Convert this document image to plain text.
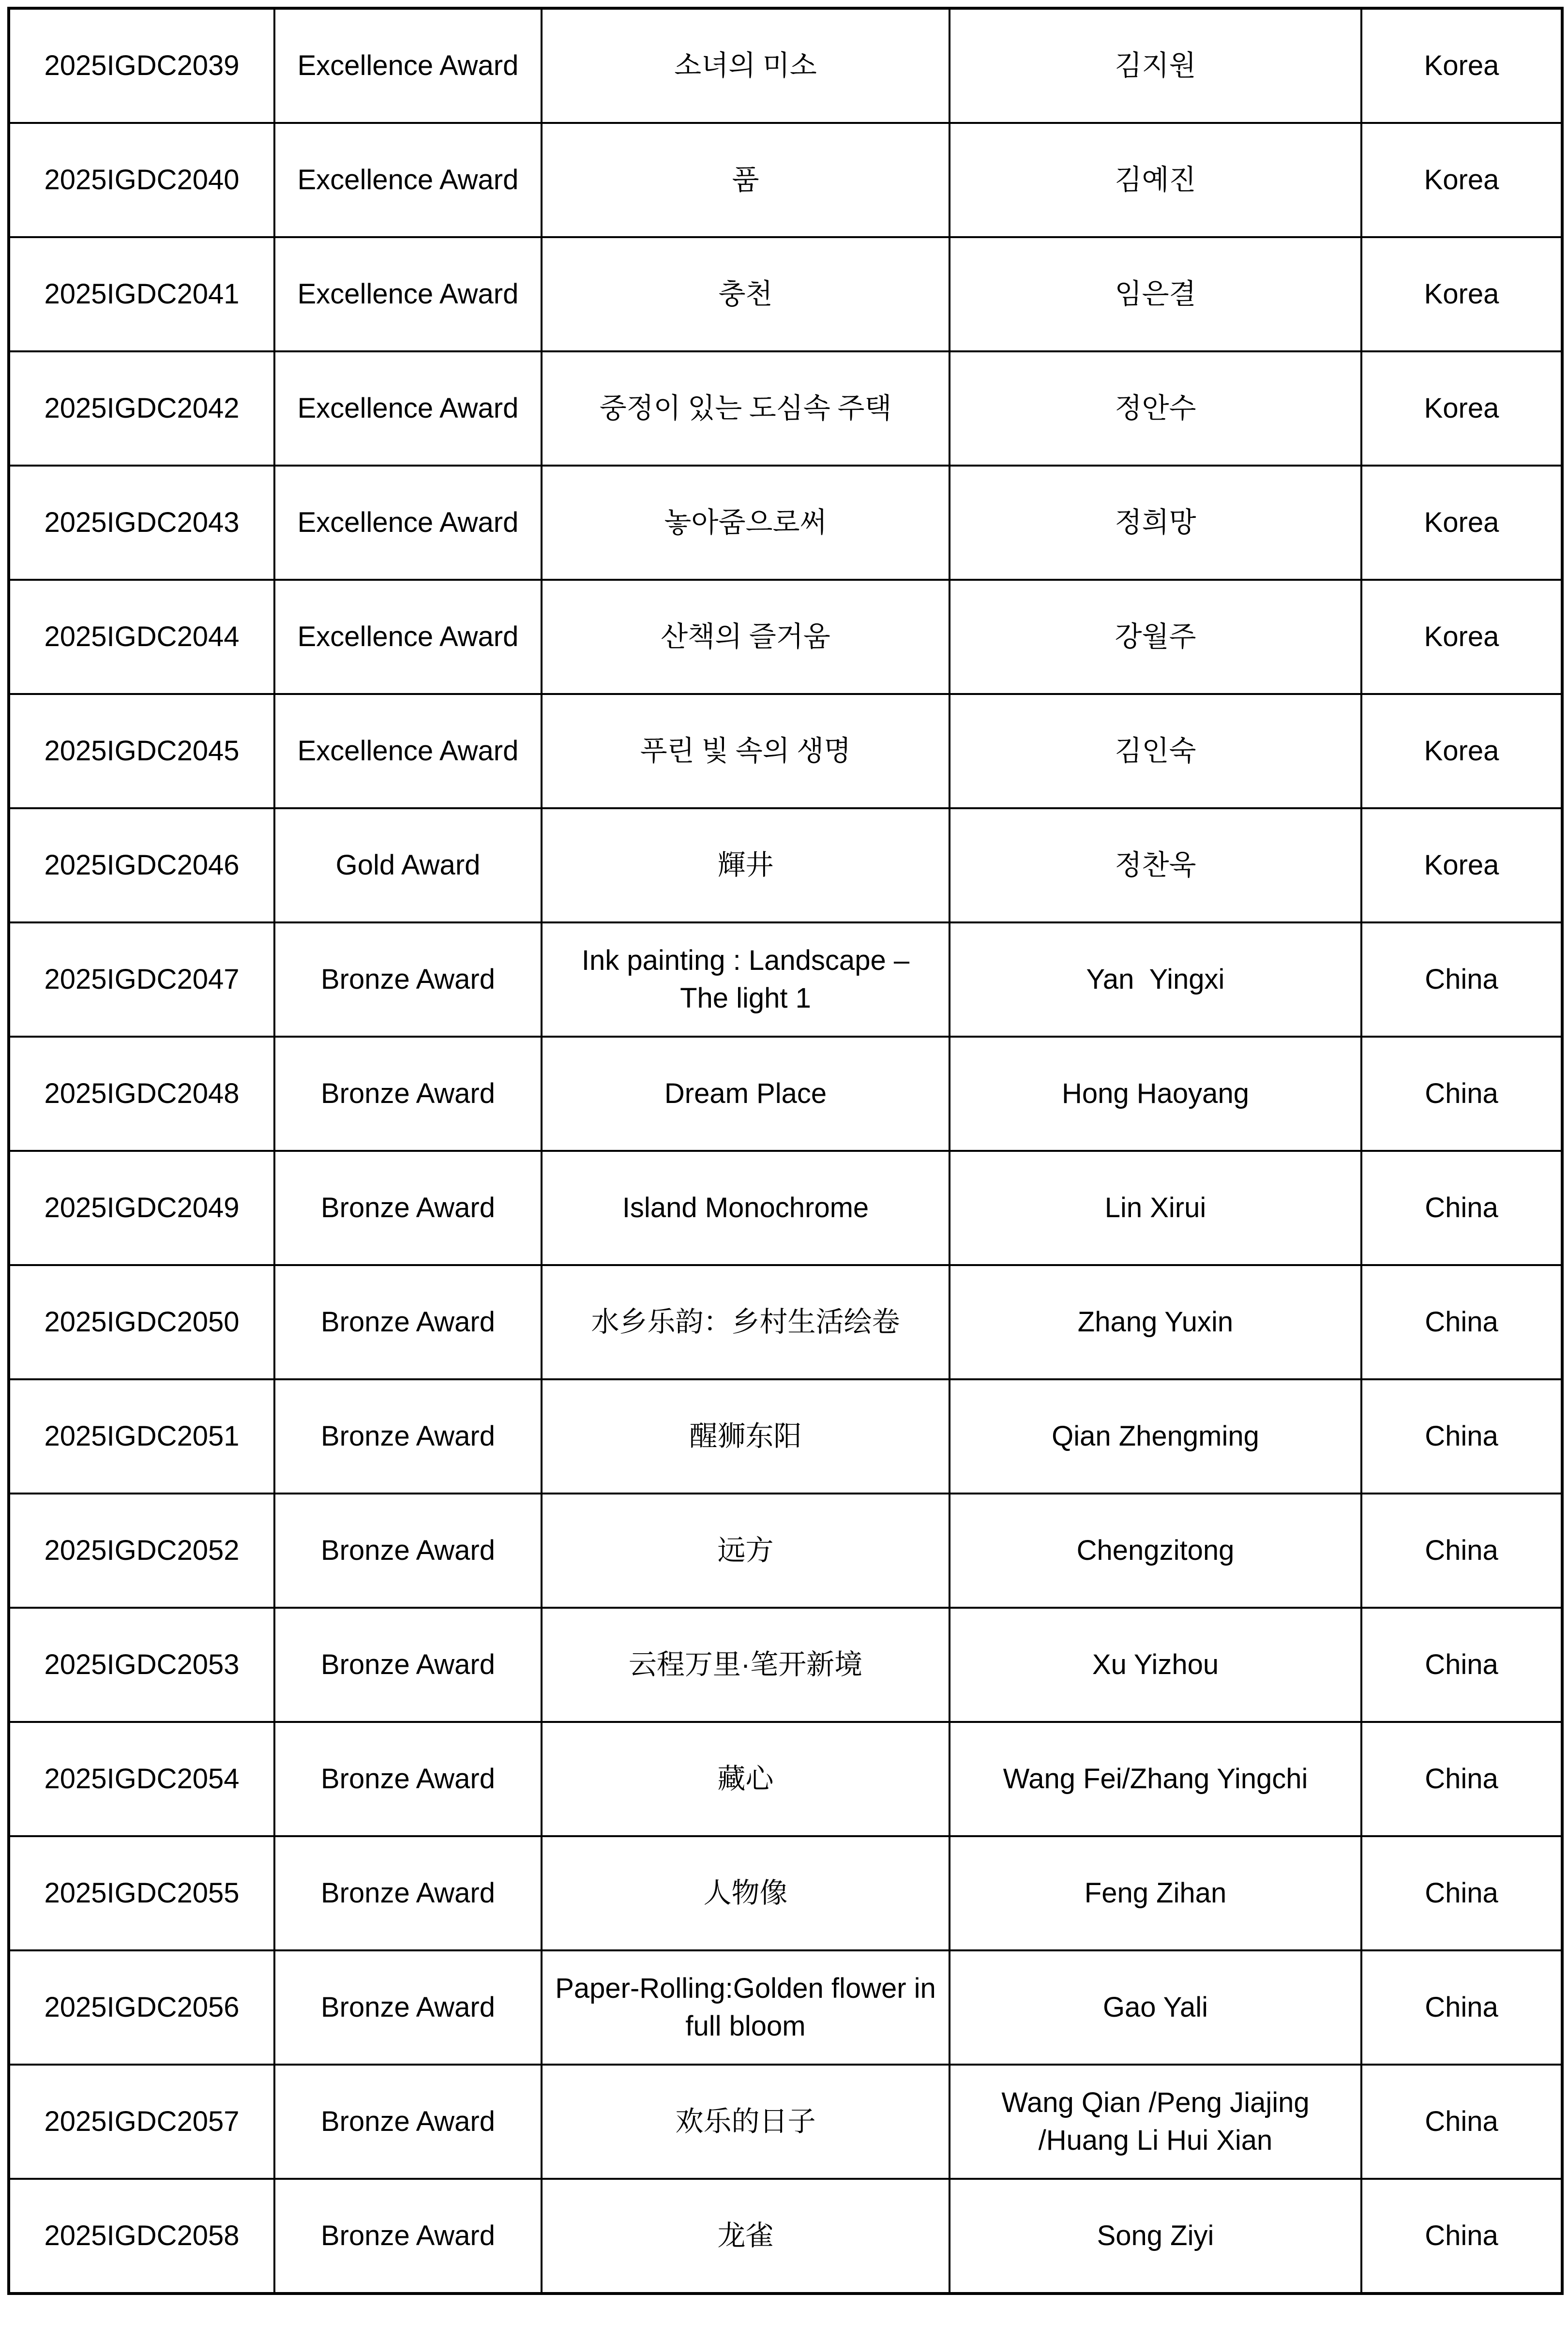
2025IGDC2039	Excellence Award	소녀의 미소	김지원	Korea
2025IGDC2040	Excellence Award	품	김예진	Korea
2025IGDC2041	Excellence Award	충천	임은결	Korea
2025IGDC2042	Excellence Award	중정이 있는 도심속 주택	정안수	Korea
2025IGDC2043	Excellence Award	놓아줌으로써	정희망	Korea
2025IGDC2044	Excellence Award	산책의 즐거움	강월주	Korea
2025IGDC2045	Excellence Award	푸린 빛 속의 생명	김인숙	Korea
2025IGDC2046	Gold Award	輝井	정찬욱	Korea
2025IGDC2047	Bronze Award	Ink painting : Landscape –
The light 1	Yan  Yingxi	China
2025IGDC2048	Bronze Award	Dream Place	Hong Haoyang	China
2025IGDC2049	Bronze Award	Island Monochrome	Lin Xirui	China
2025IGDC2050	Bronze Award	水乡乐韵：乡村生活绘卷	Zhang Yuxin	China
2025IGDC2051	Bronze Award	醒狮东阳	Qian Zhengming	China
2025IGDC2052	Bronze Award	远方	Chengzitong	China
2025IGDC2053	Bronze Award	云程万里·笔开新境	Xu Yizhou	China
2025IGDC2054	Bronze Award	藏心	Wang Fei/Zhang Yingchi	China
2025IGDC2055	Bronze Award	人物像	Feng Zihan	China
2025IGDC2056	Bronze Award	Paper-Rolling:Golden flower in
full bloom	Gao Yali	China
2025IGDC2057	Bronze Award	欢乐的日子	Wang Qian /Peng Jiajing
/Huang Li Hui Xian	China
2025IGDC2058	Bronze Award	龙雀	Song Ziyi	China
